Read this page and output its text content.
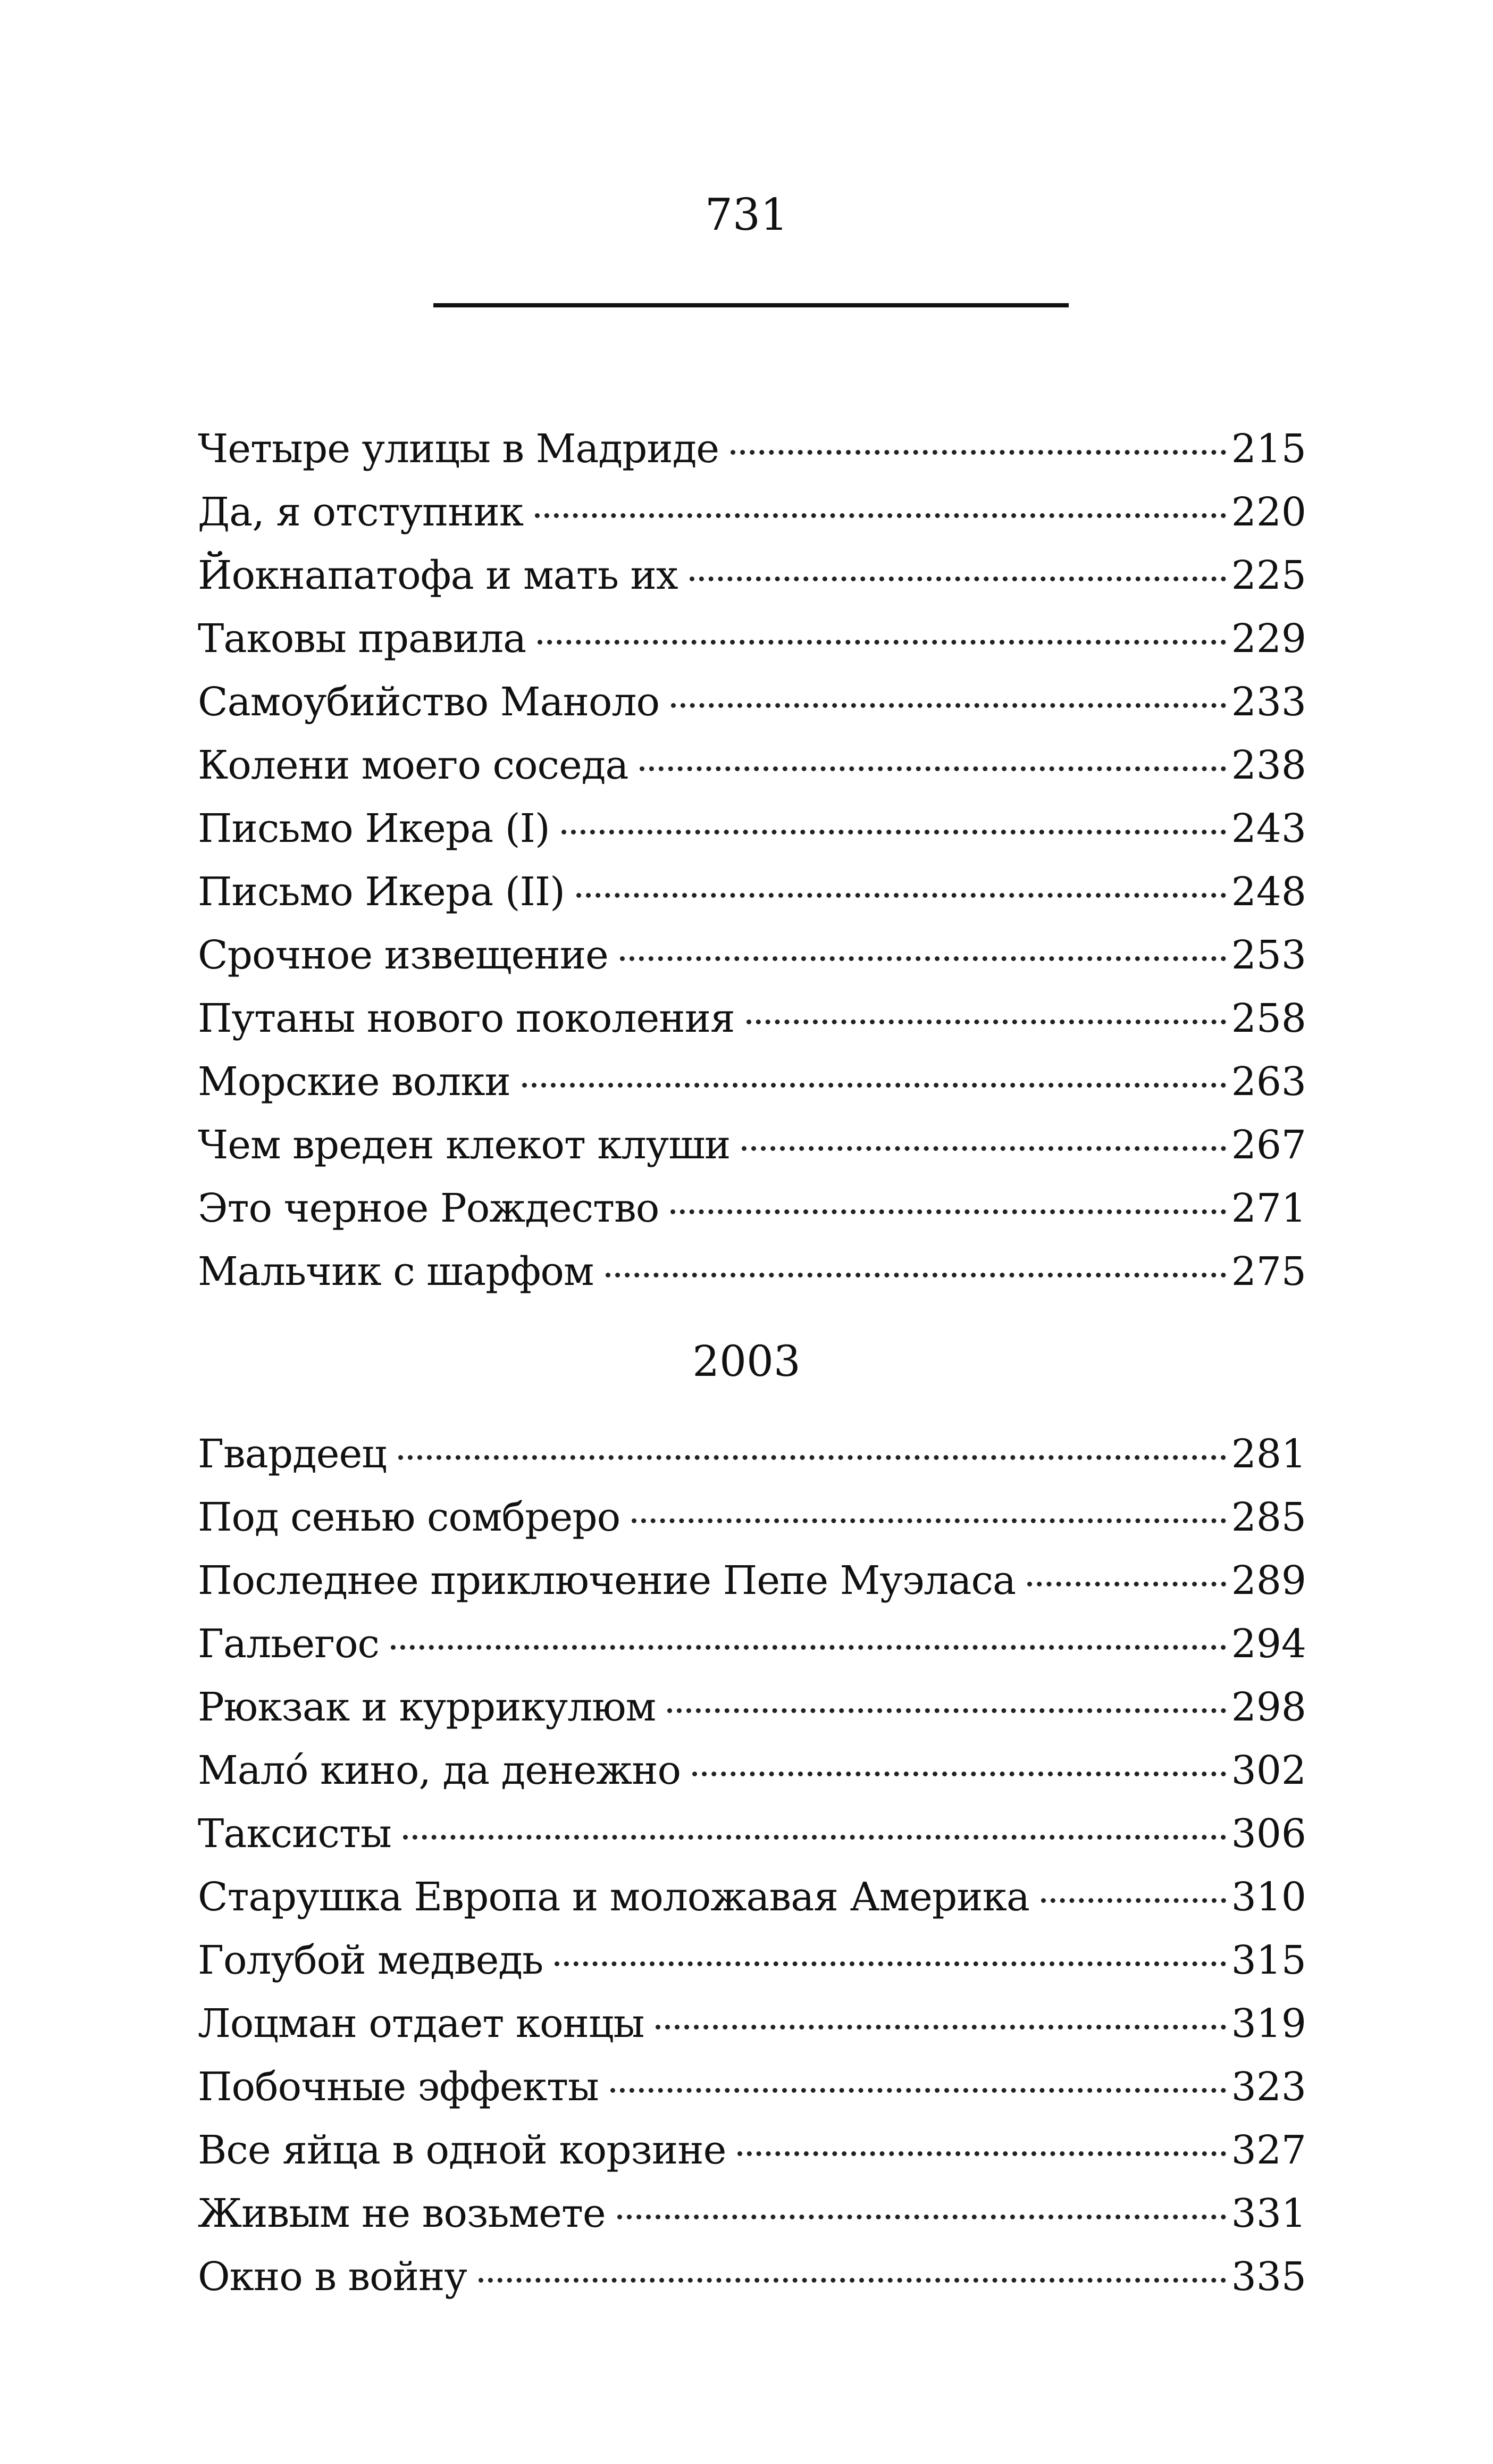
731
Четыре улицы в Мадриде	215
Да, я отступник	220
Йокнапатофа и мать их	225
Таковы правила	229
Самоубийство Маноло	233
Колени моего соседа	238
Письмо Икера (I)	243
Письмо Икера (II)	248
Срочное извещение	253
Путаны нового поколения	258
Морские волки	263
Чем вреден клекот клуши	267
Это черное Рождество	271
Мальчик с шарфом	275
2003
Гвардеец	281
Под сенью сомбреро	285
Последнее приключение Пепе Муэласа	289
Гальегос	294
Рюкзак и куррикулюм	298
Мало́ кино, да денежно	302
Таксисты	306
Старушка Европа и моложавая Америка	310
Голубой медведь	315
Лоцман отдает концы	319
Побочные эффекты	323
Все яйца в одной корзине	327
Живым не возьмете	331
Окно в войну	335
